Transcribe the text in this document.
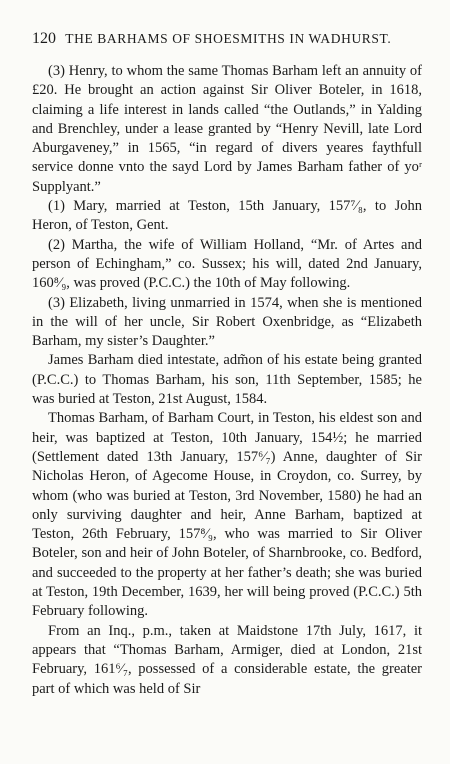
120 THE BARHAMS OF SHOESMITHS IN WADHURST.

(3) Henry, to whom the same Thomas Barham left an annuity of £20. He brought an action against Sir Oliver Boteler, in 1618, claiming a life interest in lands called “the Outlands,” in Yalding and Brenchley, under a lease granted by “Henry Nevill, late Lord Aburgaveney,” in 1565, “in regard of divers yeares faythfull service donne vnto the sayd Lord by James Barham father of yoʳ Supplyant.”

(1) Mary, married at Teston, 15th January, 157⁷⁄₈, to John Heron, of Teston, Gent.

(2) Martha, the wife of William Holland, “Mr. of Artes and person of Echingham,” co. Sussex; his will, dated 2nd January, 160⁸⁄₉, was proved (P.C.C.) the 10th of May following.

(3) Elizabeth, living unmarried in 1574, when she is mentioned in the will of her uncle, Sir Robert Oxenbridge, as “Elizabeth Barham, my sister’s Daughter.”

James Barham died intestate, adm̃on of his estate being granted (P.C.C.) to Thomas Barham, his son, 11th September, 1585; he was buried at Teston, 21st August, 1584.

Thomas Barham, of Barham Court, in Teston, his eldest son and heir, was baptized at Teston, 10th January, 154½; he married (Settlement dated 13th January, 157⁶⁄₇) Anne, daughter of Sir Nicholas Heron, of Agecome House, in Croydon, co. Surrey, by whom (who was buried at Teston, 3rd November, 1580) he had an only surviving daughter and heir, Anne Barham, baptized at Teston, 26th February, 157⁸⁄₉, who was married to Sir Oliver Boteler, son and heir of John Boteler, of Sharnbrooke, co. Bedford, and succeeded to the property at her father’s death; she was buried at Teston, 19th December, 1639, her will being proved (P.C.C.) 5th February following.

From an Inq., p.m., taken at Maidstone 17th July, 1617, it appears that “Thomas Barham, Armiger, died at London, 21st February, 161⁶⁄₇, possessed of a considerable estate, the greater part of which was held of Sir
